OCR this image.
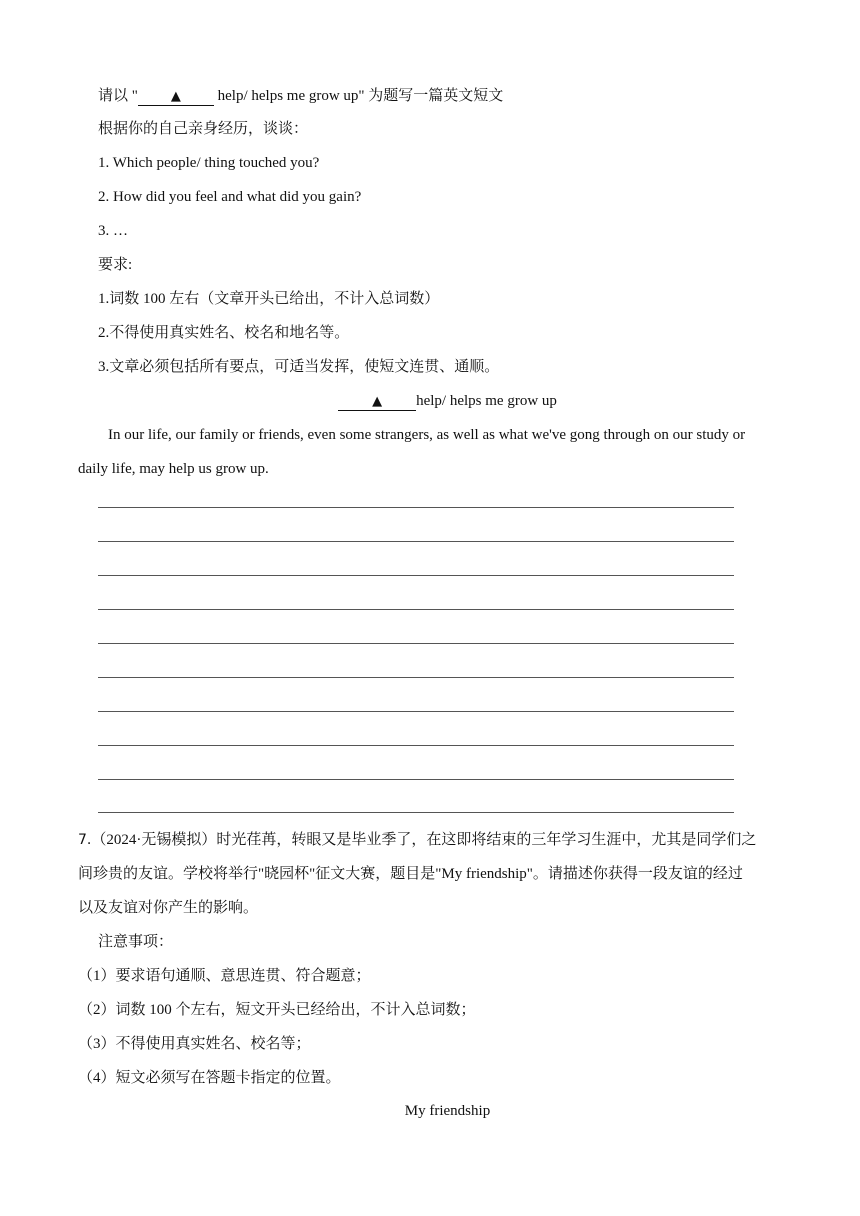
请以 "	▲ help/ helps me grow up" 为题写一篇英文短文
根据你的自己亲身经历，谈谈：
1. Which people/ thing touched you?
2. How did you feel and what did you gain?
3. …
要求:
1.词数 100 左右（文章开头已给出，不计入总词数）
2.不得使用真实姓名、校名和地名等。
3.文章必须包括所有要点，可适当发挥，使短文连贯、通顺。
▲ help/ helps me grow up
In our life, our family or friends, even some strangers, as well as what we've gong through on our study or
daily life, may help us grow up.
7.（2024·无锡模拟）时光荏苒，转眼又是毕业季了，在这即将结束的三年学习生涯中，尤其是同学们之
间珍贵的友谊。学校将举行"晓园杯"征文大赛，题目是"My friendship"。请描述你获得一段友谊的经过
以及友谊对你产生的影响。
注意事项：
（1）要求语句通顺、意思连贯、符合题意；
（2）词数 100 个左右，短文开头已经给出，不计入总词数；
（3）不得使用真实姓名、校名等；
（4）短文必须写在答题卡指定的位置。
My friendship
